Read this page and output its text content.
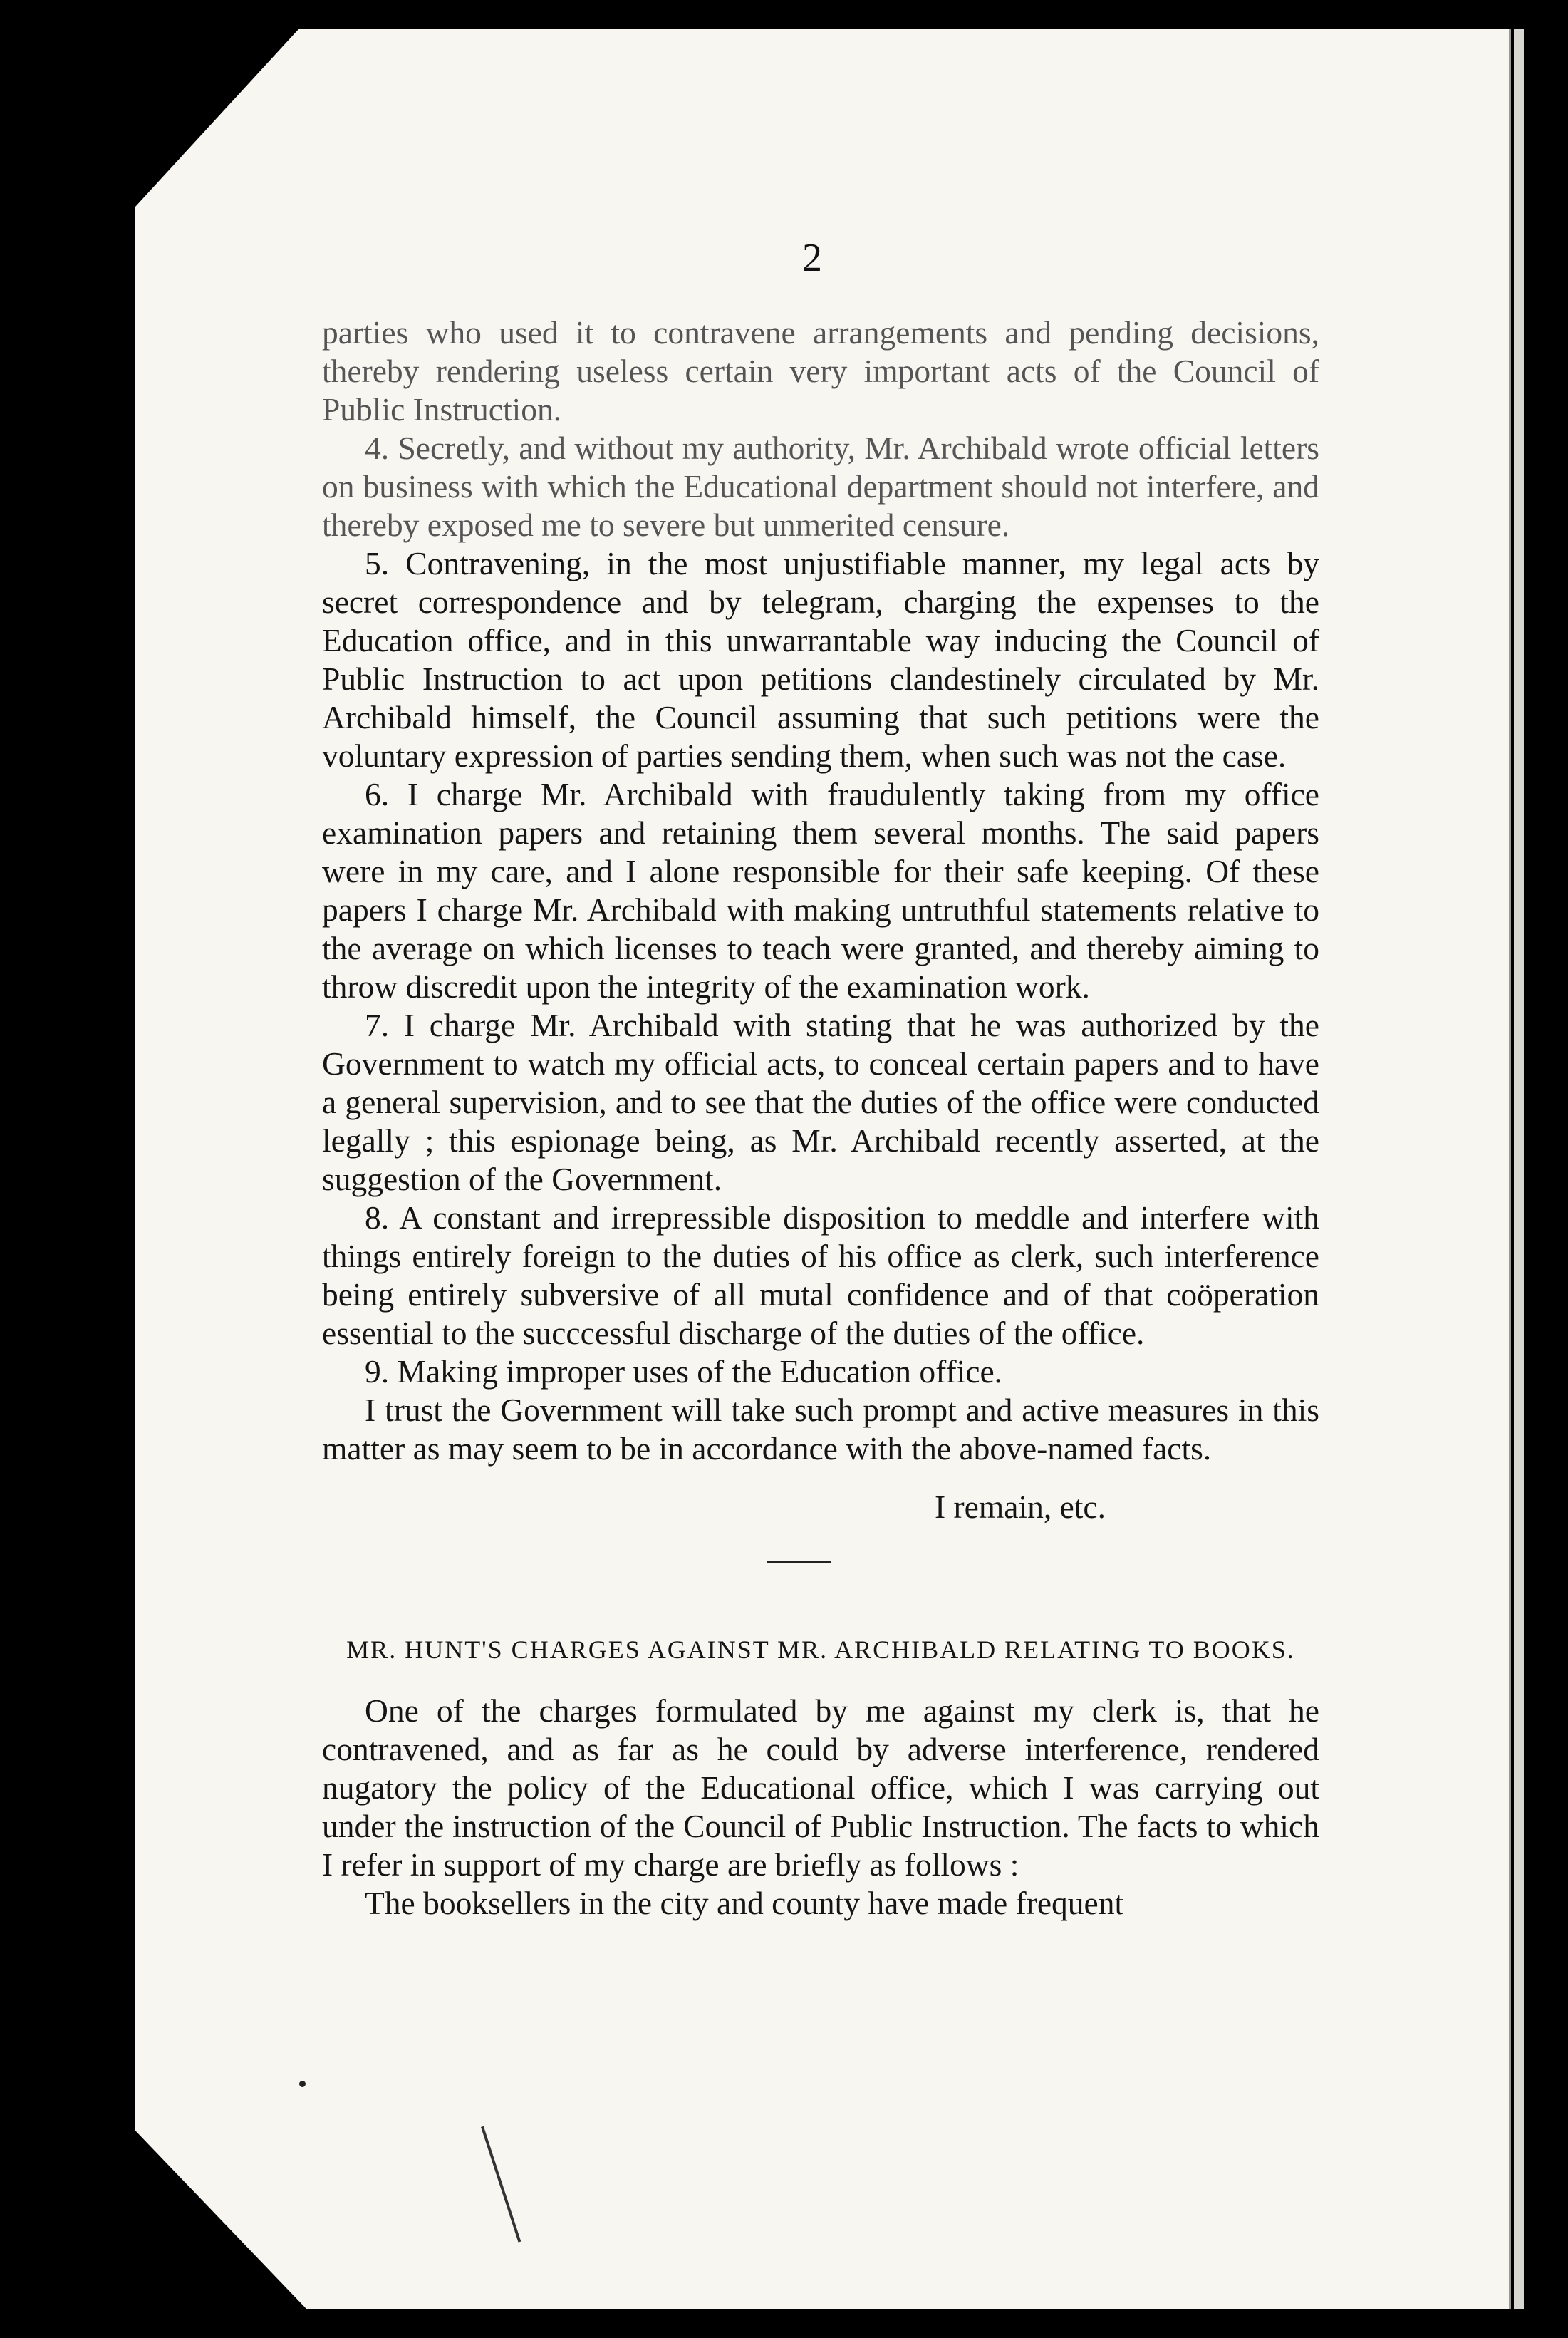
2

parties who used it to contravene arrangements and pending decisions, thereby rendering useless certain very important acts of the Council of Public Instruction.

4. Secretly, and without my authority, Mr. Archibald wrote official letters on business with which the Educational department should not interfere, and thereby exposed me to severe but unmerited censure.

5. Contravening, in the most unjustifiable manner, my legal acts by secret correspondence and by telegram, charging the expenses to the Education office, and in this unwarrantable way inducing the Council of Public Instruction to act upon petitions clandestinely circulated by Mr. Archibald himself, the Council assuming that such petitions were the voluntary expression of parties sending them, when such was not the case.

6. I charge Mr. Archibald with fraudulently taking from my office examination papers and retaining them several months. The said papers were in my care, and I alone responsible for their safe keeping. Of these papers I charge Mr. Archibald with making untruthful statements relative to the average on which licenses to teach were granted, and thereby aiming to throw discredit upon the integrity of the examination work.

7. I charge Mr. Archibald with stating that he was authorized by the Government to watch my official acts, to conceal certain papers and to have a general supervision, and to see that the duties of the office were conducted legally ; this espionage being, as Mr. Archibald recently asserted, at the suggestion of the Government.

8. A constant and irrepressible disposition to meddle and interfere with things entirely foreign to the duties of his office as clerk, such interference being entirely subversive of all mutal confidence and of that coöperation essential to the succcessful discharge of the duties of the office.

9. Making improper uses of the Education office.

I trust the Government will take such prompt and active measures in this matter as may seem to be in accordance with the above-named facts.

I remain, etc.

MR. HUNT'S CHARGES AGAINST MR. ARCHIBALD RELATING TO BOOKS.

One of the charges formulated by me against my clerk is, that he contravened, and as far as he could by adverse interference, rendered nugatory the policy of the Educational office, which I was carrying out under the instruction of the Council of Public Instruction. The facts to which I refer in support of my charge are briefly as follows :

The booksellers in the city and county have made frequent
